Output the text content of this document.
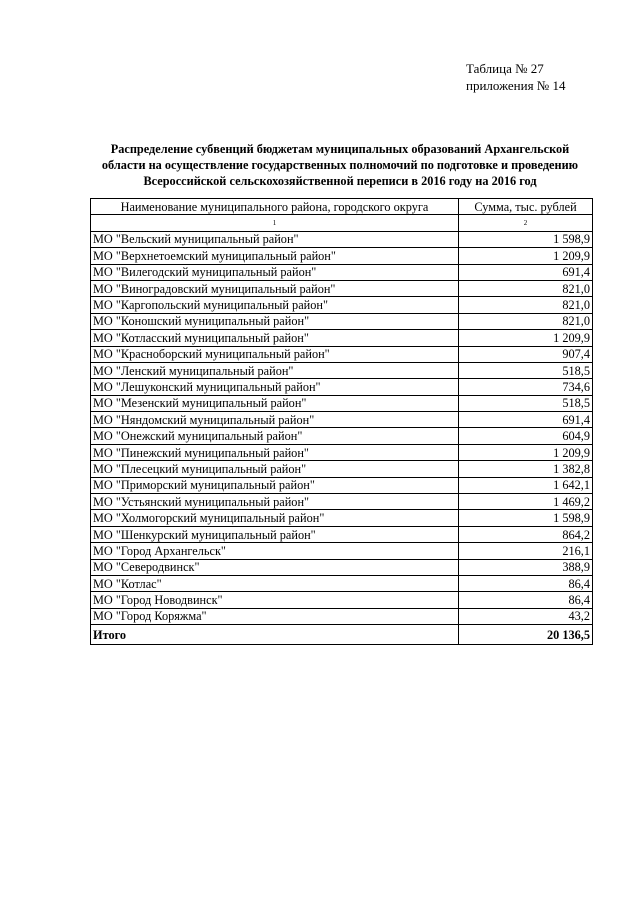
Таблица № 27
приложения № 14
Распределение субвенций бюджетам муниципальных образований Архангельской
области на осуществление государственных полномочий по подготовке и проведению
Всероссийской сельскохозяйственной переписи в 2016 году на 2016 год
Наименование муниципального района, городского округа	Сумма, тыс. рублей
1	2
МО "Вельский муниципальный район"	1 598,9
МО "Верхнетоемский муниципальный район"	1 209,9
МО "Вилегодский муниципальный район"	691,4
МО "Виноградовский муниципальный район"	821,0
МО "Каргопольский муниципальный район"	821,0
МО "Коношский муниципальный район"	821,0
МО "Котласский муниципальный район"	1 209,9
МО "Красноборский муниципальный район"	907,4
МО "Ленский муниципальный район"	518,5
МО "Лешуконский муниципальный район"	734,6
МО "Мезенский муниципальный район"	518,5
МО "Няндомский муниципальный район"	691,4
МО "Онежский муниципальный район"	604,9
МО "Пинежский муниципальный район"	1 209,9
МО "Плесецкий муниципальный район"	1 382,8
МО "Приморский муниципальный район"	1 642,1
МО "Устьянский муниципальный район"	1 469,2
МО "Холмогорский муниципальный район"	1 598,9
МО "Шенкурский муниципальный район"	864,2
МО "Город Архангельск"	216,1
МО "Северодвинск"	388,9
МО "Котлас"	86,4
МО "Город Новодвинск"	86,4
МО "Город Коряжма"	43,2
Итого	20 136,5
